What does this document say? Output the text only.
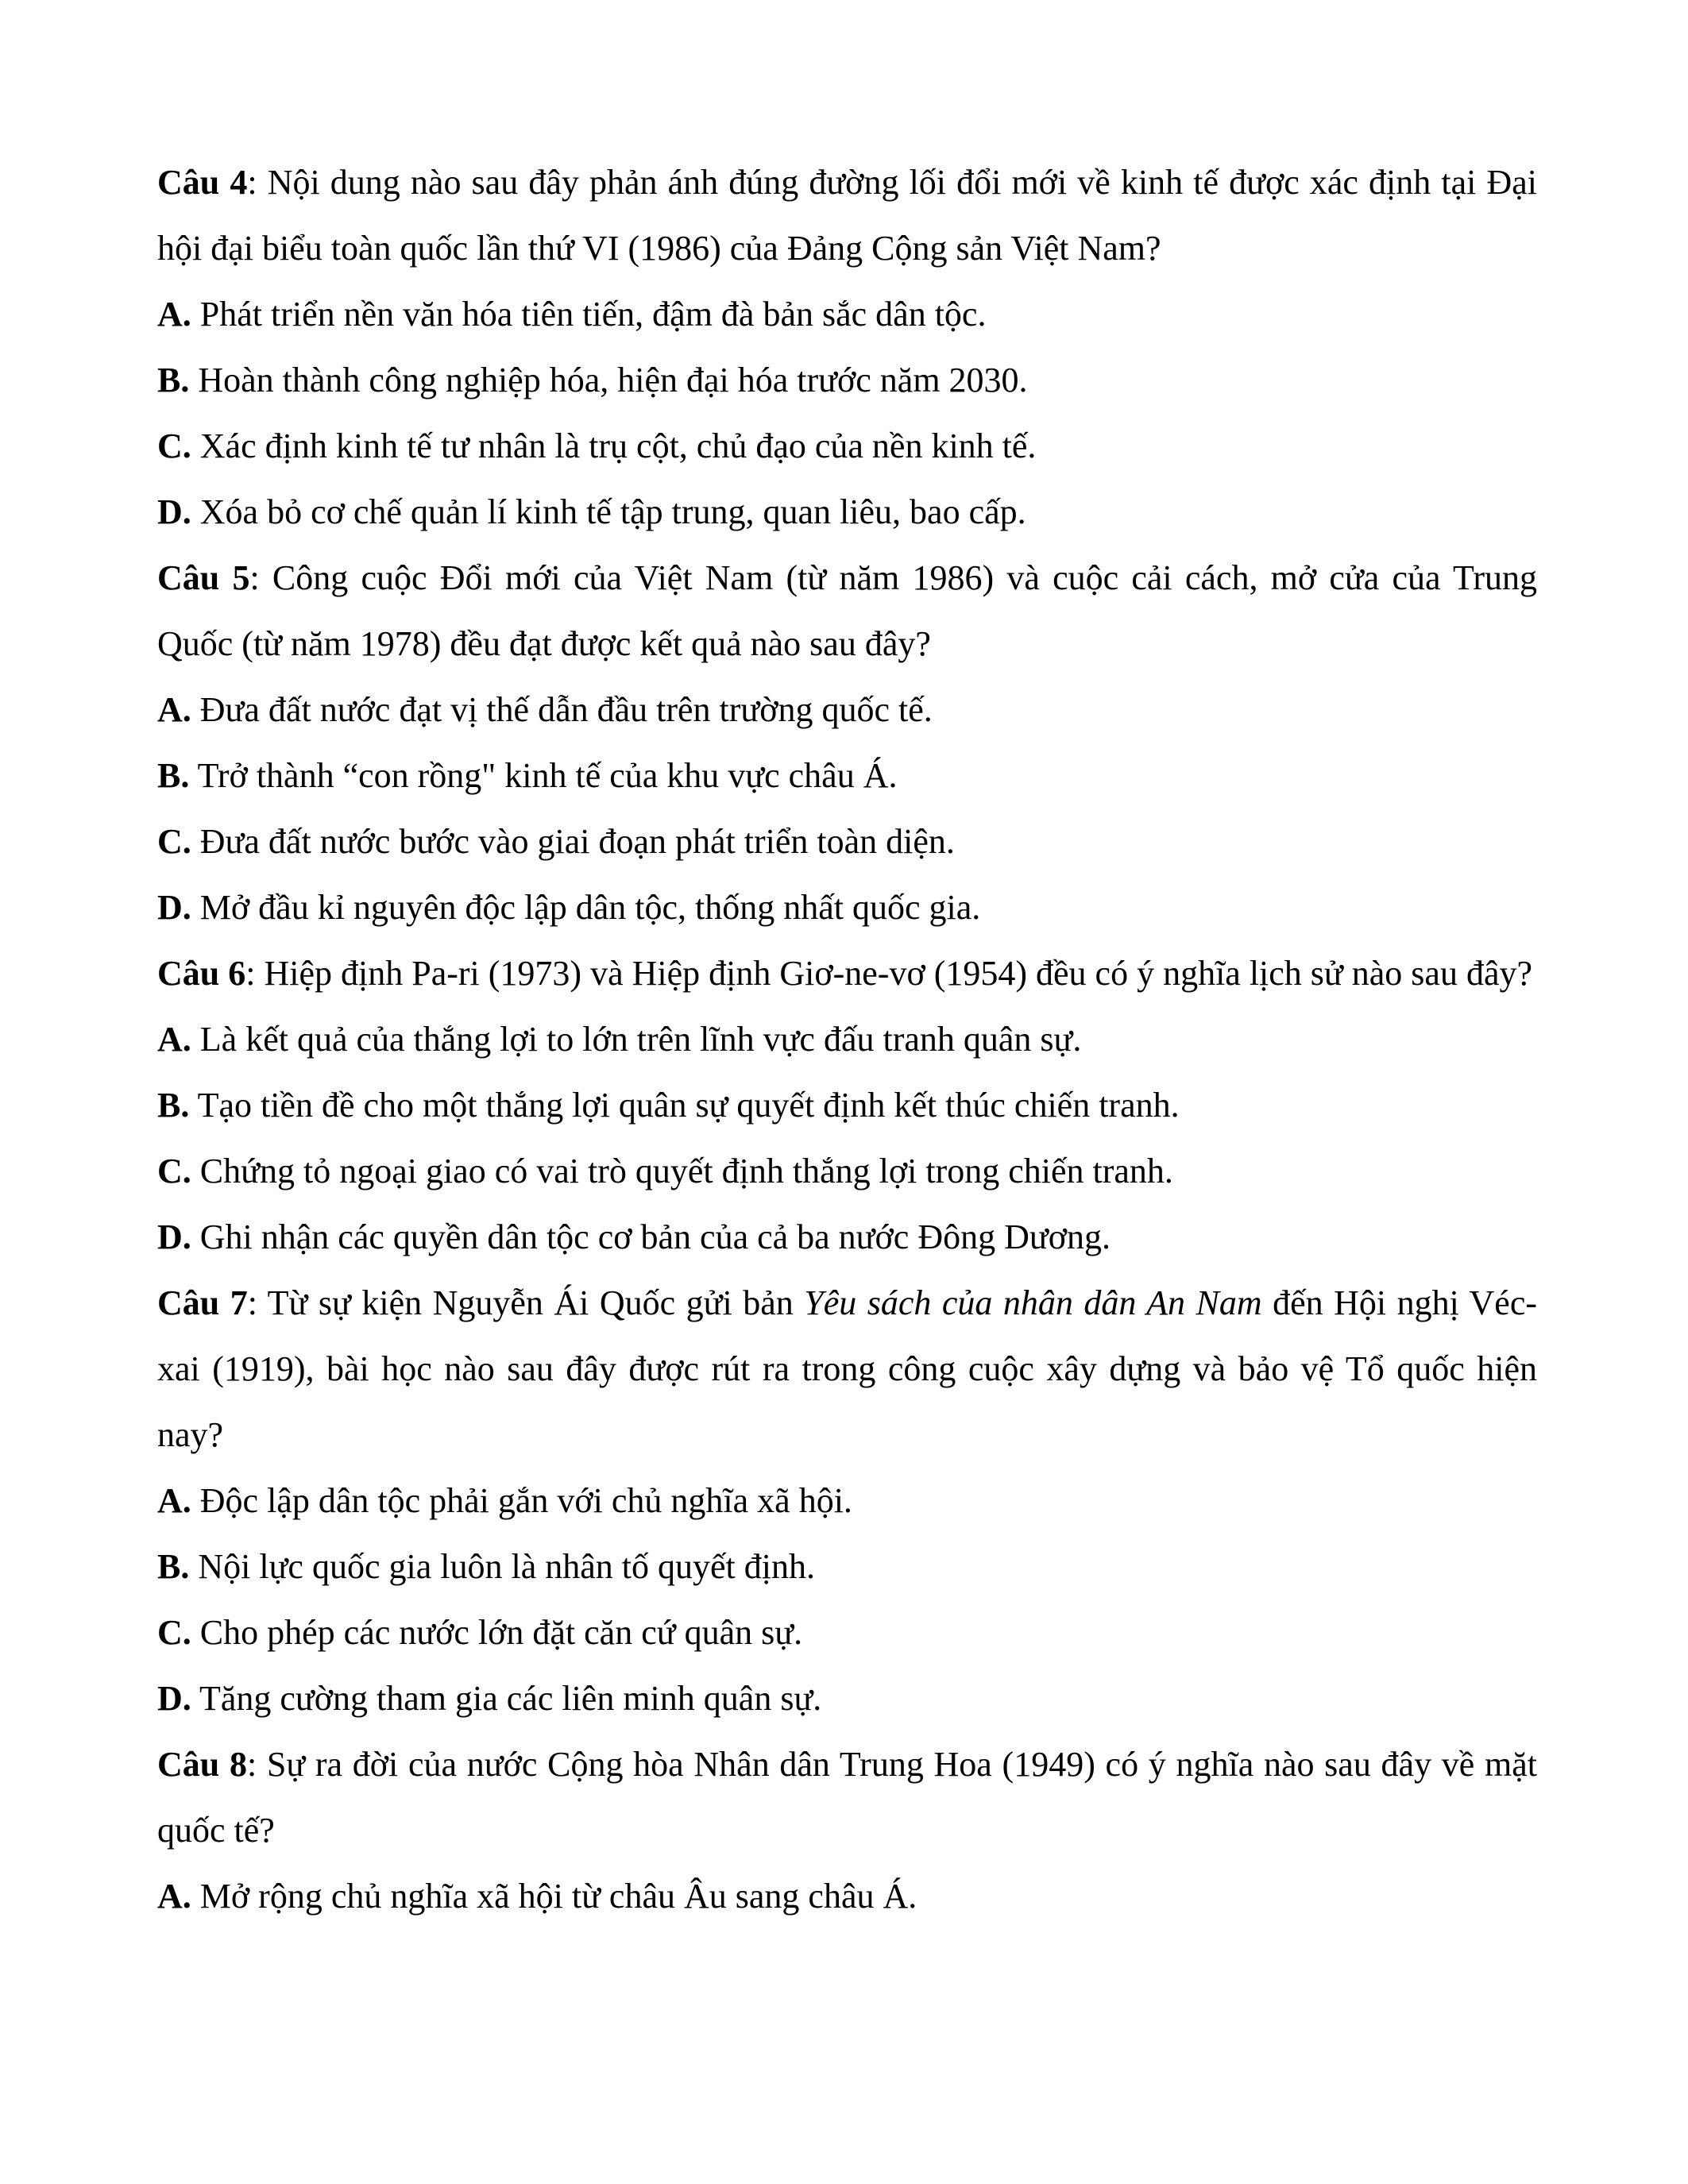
Câu 4: Nội dung nào sau đây phản ánh đúng đường lối đổi mới về kinh tế được xác định tại Đại hội đại biểu toàn quốc lần thứ VI (1986) của Đảng Cộng sản Việt Nam?

A. Phát triển nền văn hóa tiên tiến, đậm đà bản sắc dân tộc.

B. Hoàn thành công nghiệp hóa, hiện đại hóa trước năm 2030.

C. Xác định kinh tế tư nhân là trụ cột, chủ đạo của nền kinh tế.

D. Xóa bỏ cơ chế quản lí kinh tế tập trung, quan liêu, bao cấp.

Câu 5: Công cuộc Đổi mới của Việt Nam (từ năm 1986) và cuộc cải cách, mở cửa của Trung Quốc (từ năm 1978) đều đạt được kết quả nào sau đây?

A. Đưa đất nước đạt vị thế dẫn đầu trên trường quốc tế.

B. Trở thành “con rồng" kinh tế của khu vực châu Á.

C. Đưa đất nước bước vào giai đoạn phát triển toàn diện.

D. Mở đầu kỉ nguyên độc lập dân tộc, thống nhất quốc gia.

Câu 6: Hiệp định Pa-ri (1973) và Hiệp định Giơ-ne-vơ (1954) đều có ý nghĩa lịch sử nào sau đây?

A. Là kết quả của thắng lợi to lớn trên lĩnh vực đấu tranh quân sự.

B. Tạo tiền đề cho một thắng lợi quân sự quyết định kết thúc chiến tranh.

C. Chứng tỏ ngoại giao có vai trò quyết định thắng lợi trong chiến tranh.

D. Ghi nhận các quyền dân tộc cơ bản của cả ba nước Đông Dương.

Câu 7: Từ sự kiện Nguyễn Ái Quốc gửi bản Yêu sách của nhân dân An Nam đến Hội nghị Véc-xai (1919), bài học nào sau đây được rút ra trong công cuộc xây dựng và bảo vệ Tổ quốc hiện nay?

A. Độc lập dân tộc phải gắn với chủ nghĩa xã hội.

B. Nội lực quốc gia luôn là nhân tố quyết định.

C. Cho phép các nước lớn đặt căn cứ quân sự.

D. Tăng cường tham gia các liên minh quân sự.

Câu 8: Sự ra đời của nước Cộng hòa Nhân dân Trung Hoa (1949) có ý nghĩa nào sau đây về mặt quốc tế?

A. Mở rộng chủ nghĩa xã hội từ châu Âu sang châu Á.
